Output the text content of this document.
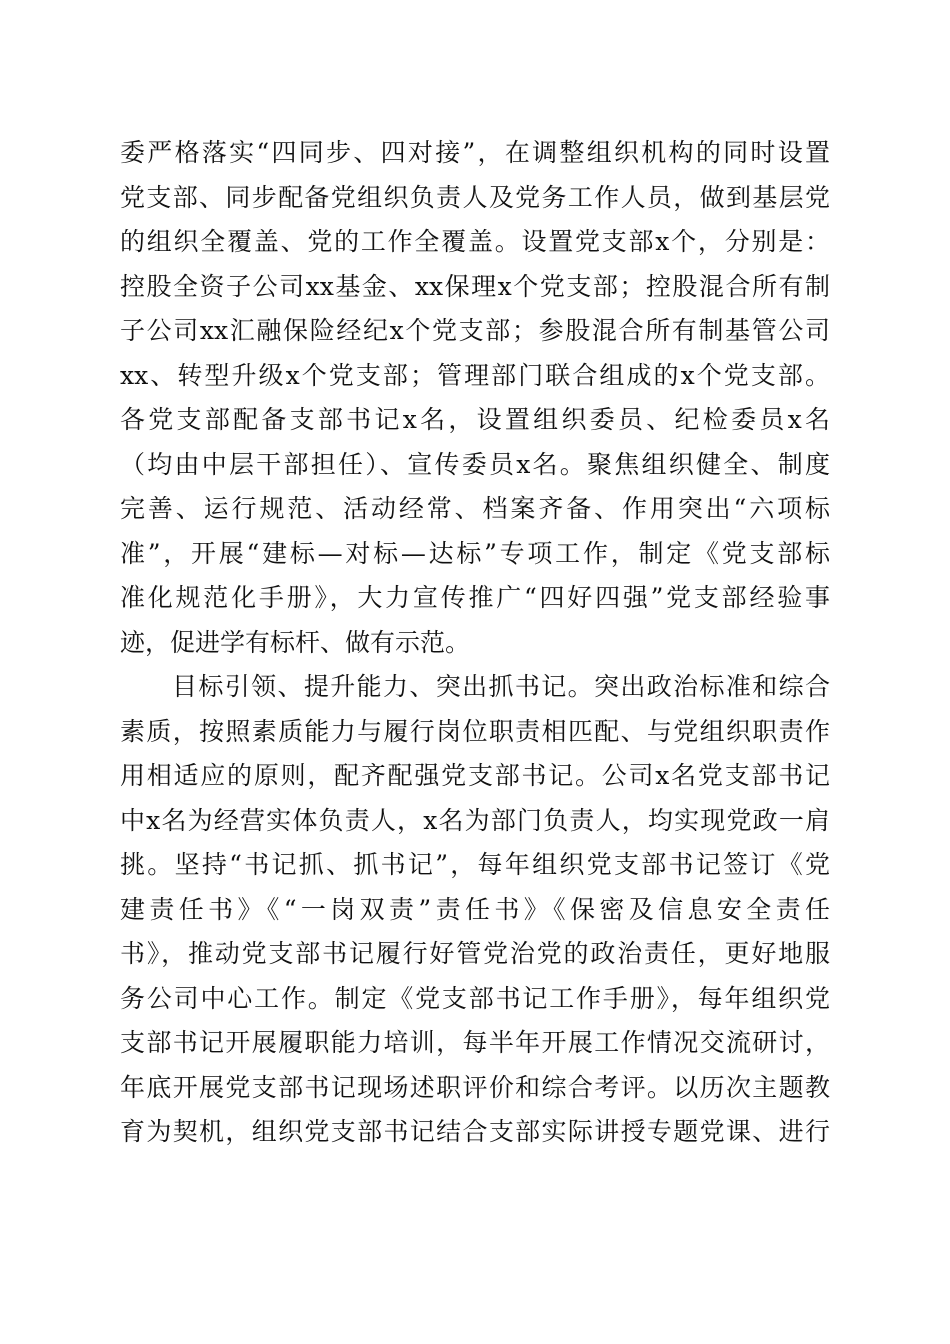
委严格落实“四同步、四对接”，在调整组织机构的同时设置
党支部、同步配备党组织负责人及党务工作人员，做到基层党
的组织全覆盖、党的工作全覆盖。设置党支部x个，分别是：
控股全资子公司xx基金、xx保理x个党支部；控股混合所有制
子公司xx汇融保险经纪x个党支部；参股混合所有制基管公司
xx、转型升级x个党支部；管理部门联合组成的x个党支部。
各党支部配备支部书记x名，设置组织委员、纪检委员x名
（均由中层干部担任）、宣传委员x名。聚焦组织健全、制度
完善、运行规范、活动经常、档案齐备、作用突出“六项标
准”，开展“建标—对标—达标”专项工作，制定《党支部标
准化规范化手册》，大力宣传推广“四好四强”党支部经验事
迹，促进学有标杆、做有示范。
目标引领、提升能力、突出抓书记。突出政治标准和综合
素质，按照素质能力与履行岗位职责相匹配、与党组织职责作
用相适应的原则，配齐配强党支部书记。公司x名党支部书记
中x名为经营实体负责人，x名为部门负责人，均实现党政一肩
挑。坚持“书记抓、抓书记”，每年组织党支部书记签订《党
建责任书》《“一岗双责”责任书》《保密及信息安全责任
书》，推动党支部书记履行好管党治党的政治责任，更好地服
务公司中心工作。制定《党支部书记工作手册》，每年组织党
支部书记开展履职能力培训，每半年开展工作情况交流研讨，
年底开展党支部书记现场述职评价和综合考评。以历次主题教
育为契机，组织党支部书记结合支部实际讲授专题党课、进行
